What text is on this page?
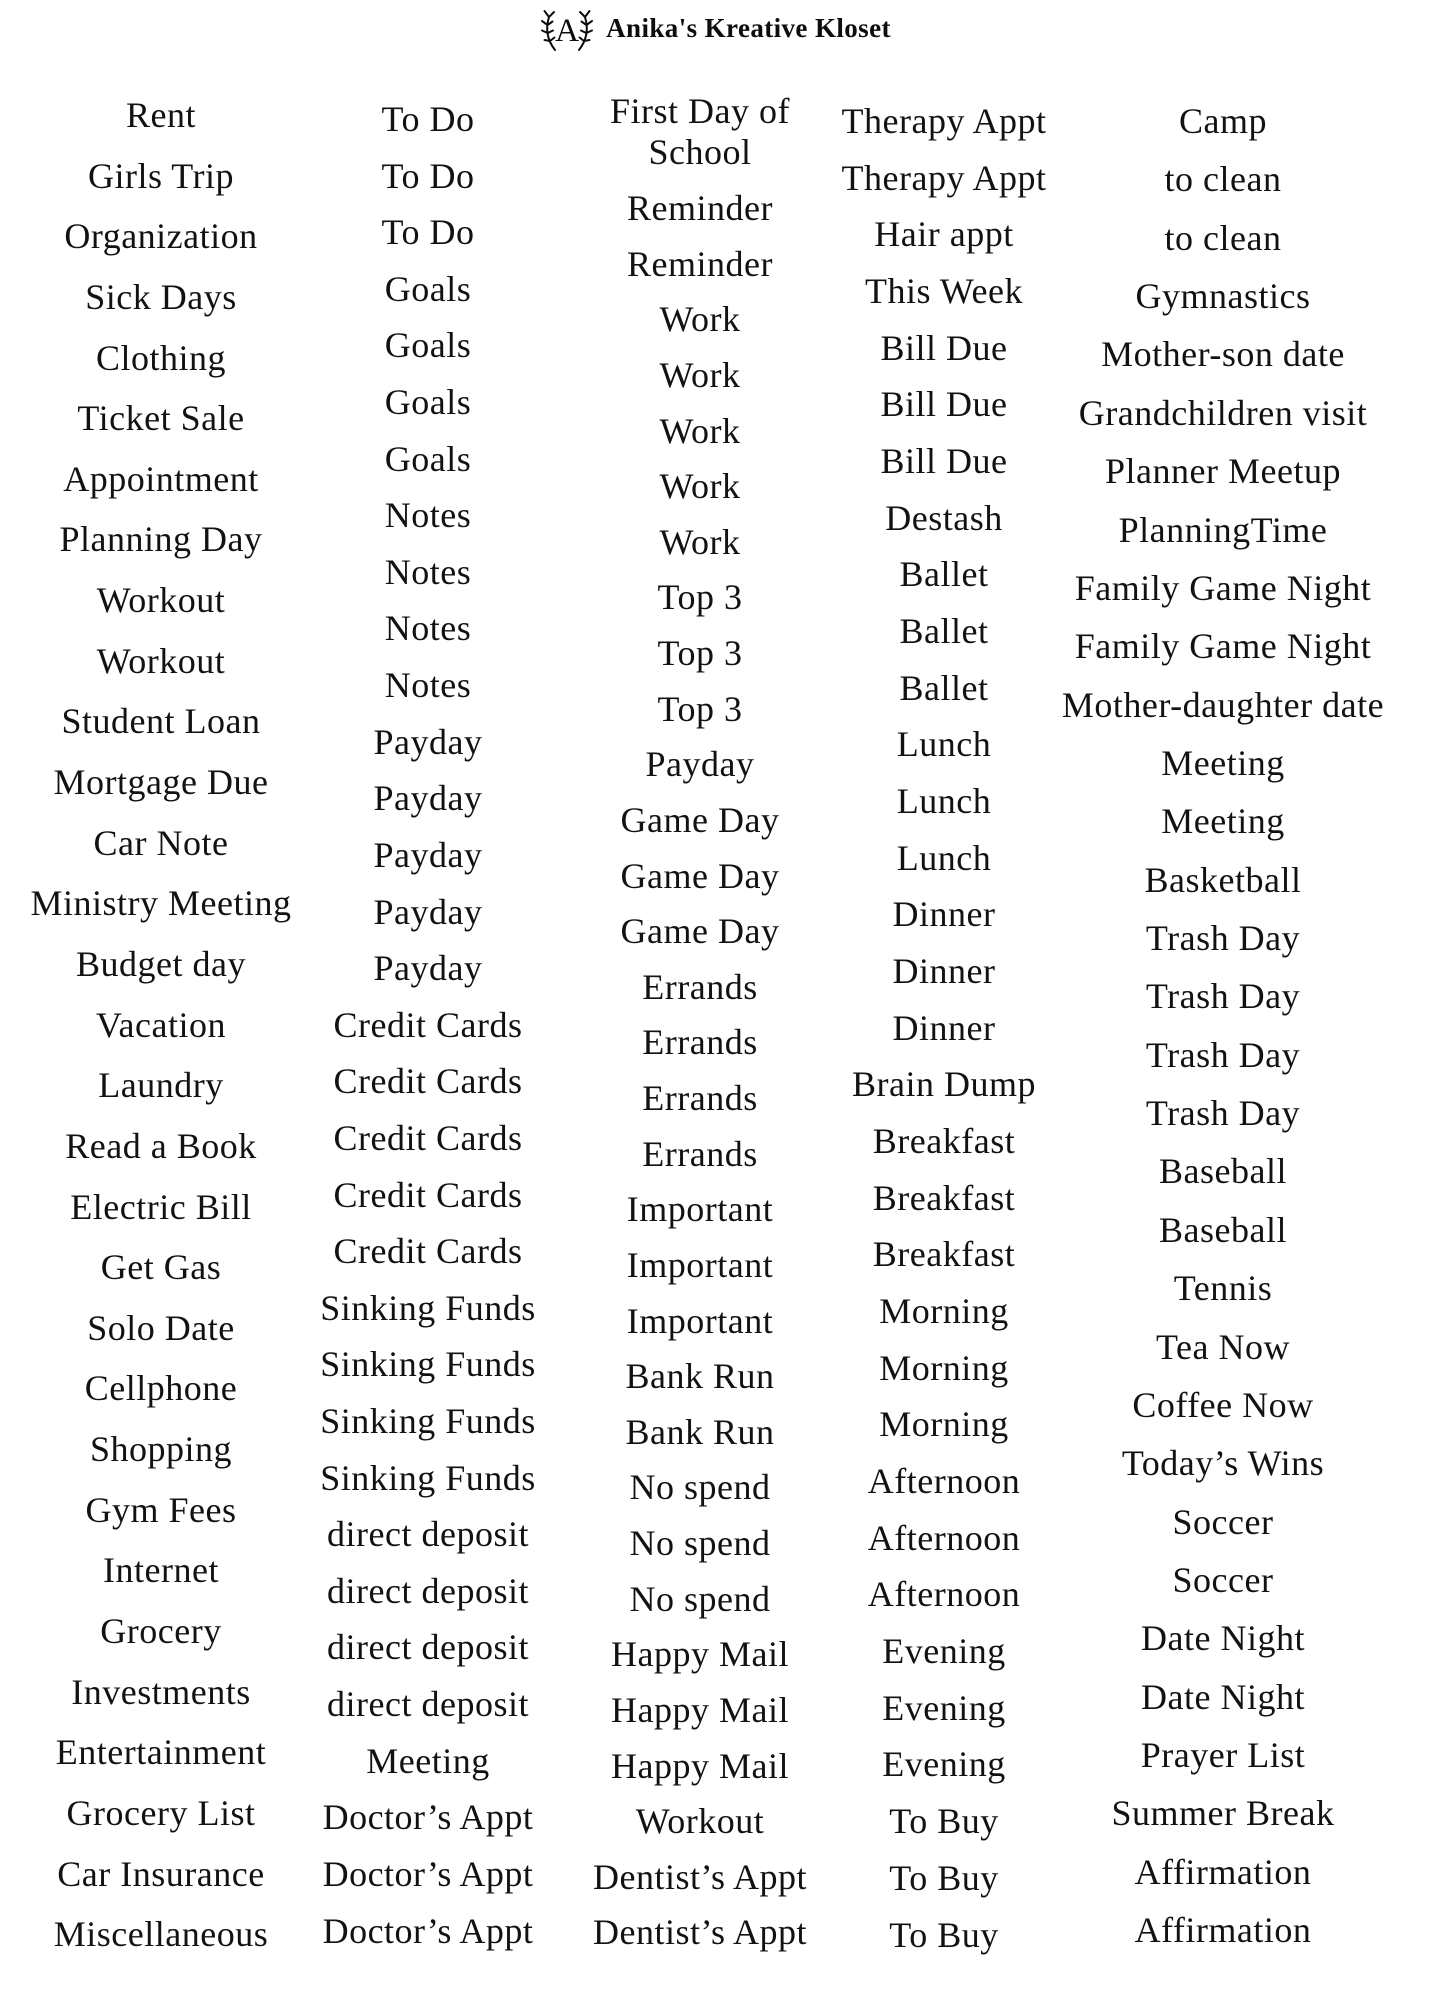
A Anika's Kreative Kloset
Rent
Girls Trip
Organization
Sick Days
Clothing
Ticket Sale
Appointment
Planning Day
Workout
Workout
Student Loan
Mortgage Due
Car Note
Ministry Meeting
Budget day
Vacation
Laundry
Read a Book
Electric Bill
Get Gas
Solo Date
Cellphone
Shopping
Gym Fees
Internet
Grocery
Investments
Entertainment
Grocery List
Car Insurance
Miscellaneous
To Do
To Do
To Do
Goals
Goals
Goals
Goals
Notes
Notes
Notes
Notes
Payday
Payday
Payday
Payday
Payday
Credit Cards
Credit Cards
Credit Cards
Credit Cards
Credit Cards
Sinking Funds
Sinking Funds
Sinking Funds
Sinking Funds
direct deposit
direct deposit
direct deposit
direct deposit
Meeting
Doctor’s Appt
Doctor’s Appt
Doctor’s Appt
First Day of School
Reminder
Reminder
Work
Work
Work
Work
Work
Top 3
Top 3
Top 3
Payday
Game Day
Game Day
Game Day
Errands
Errands
Errands
Errands
Important
Important
Important
Bank Run
Bank Run
No spend
No spend
No spend
Happy Mail
Happy Mail
Happy Mail
Workout
Dentist’s Appt
Dentist’s Appt
Therapy Appt
Therapy Appt
Hair appt
This Week
Bill Due
Bill Due
Bill Due
Destash
Ballet
Ballet
Ballet
Lunch
Lunch
Lunch
Dinner
Dinner
Dinner
Brain Dump
Breakfast
Breakfast
Breakfast
Morning
Morning
Morning
Afternoon
Afternoon
Afternoon
Evening
Evening
Evening
To Buy
To Buy
To Buy
Camp
to clean
to clean
Gymnastics
Mother-son date
Grandchildren visit
Planner Meetup
PlanningTime
Family Game Night
Family Game Night
Mother-daughter date
Meeting
Meeting
Basketball
Trash Day
Trash Day
Trash Day
Trash Day
Baseball
Baseball
Tennis
Tea Now
Coffee Now
Today’s Wins
Soccer
Soccer
Date Night
Date Night
Prayer List
Summer Break
Affirmation
Affirmation
